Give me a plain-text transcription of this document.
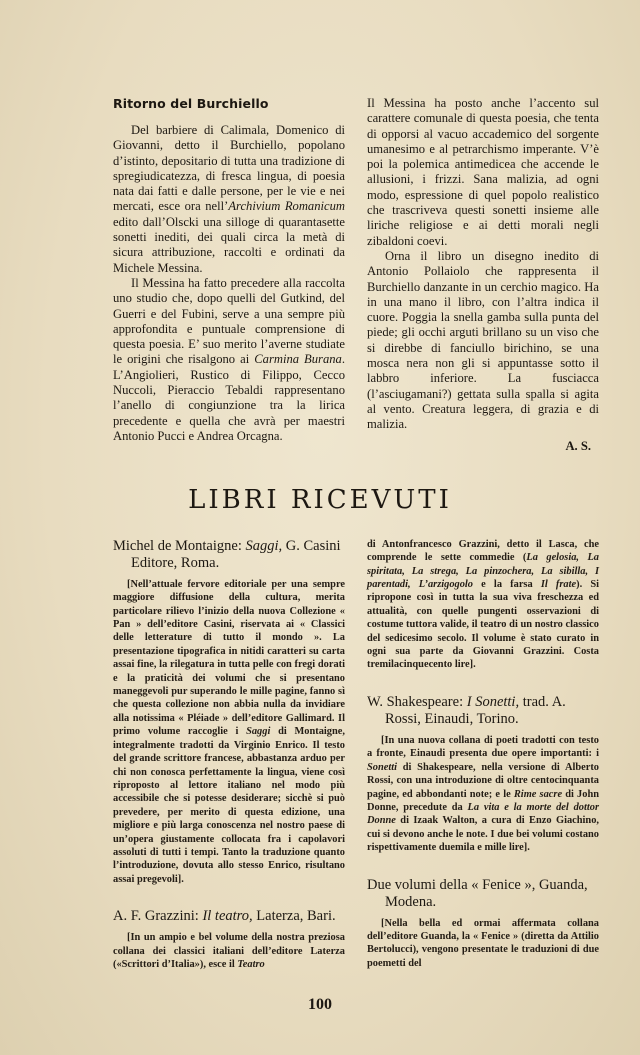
Ritorno del Burchiello

Del barbiere di Calimala, Domenico di Giovanni, detto il Burchiello, popolano d’istinto, depositario di tutta una tradizione di spregiudicatezza, di fresca lingua, di poesia nata dai fatti e dalle persone, per le vie e nei mercati, esce ora nell’Archivium Romanicum edito dall’Olscki una silloge di quarantasette sonetti inediti, dei quali circa la metà di sicura attribuzione, raccolti e ordinati da Michele Messina.

Il Messina ha fatto precedere alla raccolta uno studio che, dopo quelli del Gutkind, del Guerri e del Fubini, serve a una sempre più approfondita e puntuale comprensione di questa poesia. E’ suo merito l’averne studiate le origini che risalgono ai Carmina Burana. L’Angiolieri, Rustico di Filippo, Cecco Nuccoli, Pieraccio Tebaldi rappresentano l’anello di congiunzione tra la lirica precedente e quella che avrà per maestri Antonio Pucci e Andrea Orcagna.

Il Messina ha posto anche l’accento sul carattere comunale di questa poesia, che tenta di opporsi al vacuo accademico del sorgente umanesimo e al petrarchismo imperante. V’è poi la polemica antimedicea che accende le allusioni, i frizzi. Sana malizia, ad ogni modo, espressione di quel popolo realistico che trascriveva questi sonetti insieme alle liriche religiose e ai detti morali negli zibaldoni coevi.

Orna il libro un disegno inedito di Antonio Pollaiolo che rappresenta il Burchiello danzante in un cerchio magico. Ha in una mano il libro, con l’altra indica il cuore. Poggia la snella gamba sulla punta del piede; gli occhi arguti brillano su un viso che si direbbe di fanciullo birichino, se una mosca nera non gli si appuntasse sotto il labbro inferiore. La fusciacca (l’asciugamani?) gettata sulla spalla si agita al vento. Creatura leggera, di grazia e di malizia.

A. S.
LIBRI RICEVUTI

Michel de Montaigne: Saggi, G. Casini Editore, Roma.

[Nell’attuale fervore editoriale per una sempre maggiore diffusione della cultura, merita particolare rilievo l’inizio della nuova Collezione « Pan » dell’editore Casini, riservata ai « Classici delle letterature di tutto il mondo ». La presentazione tipografica in nitidi caratteri su carta assai fine, la rilegatura in tutta pelle con fregi dorati e la praticità dei volumi che si presentano maneggevoli pur superando le mille pagine, fanno sì che questa collezione non abbia nulla da invidiare alla notissima « Pléiade » dell’editore Gallimard. Il primo volume raccoglie i Saggi di Montaigne, integralmente tradotti da Virginio Enrico. Il testo del grande scrittore francese, abbastanza arduo per chi non conosca perfettamente la lingua, viene così riproposto al lettore italiano nel modo più accessibile che si potesse desiderare; sicchè si può prevedere, per merito di questa edizione, una migliore e più larga conoscenza nel nostro paese di un’opera giustamente collocata fra i capolavori assoluti di tutti i tempi. Tanto la traduzione quanto l’introduzione, dovuta allo stesso Enrico, risultano assai pregevoli].

A. F. Grazzini: Il teatro, Laterza, Bari.

[In un ampio e bel volume della nostra preziosa collana dei classici italiani dell’editore Laterza («Scrittori d’Italia»), esce il Teatro

di Antonfrancesco Grazzini, detto il Lasca, che comprende le sette commedie (La gelosia, La spiritata, La strega, La pinzochera, La sibilla, I parentadi, L’arzigogolo e la farsa Il frate). Si ripropone così in tutta la sua viva freschezza ed attualità, con quelle pungenti osservazioni di costume tuttora valide, il teatro di un nostro classico del sedicesimo secolo. Il volume è stato curato in ogni sua parte da Giovanni Grazzini. Costa tremilacinquecento lire].

W. Shakespeare: I Sonetti, trad. A. Rossi, Einaudi, Torino.

[In una nuova collana di poeti tradotti con testo a fronte, Einaudi presenta due opere importanti: i Sonetti di Shakespeare, nella versione di Alberto Rossi, con una introduzione di oltre centocinquanta pagine, ed abbondanti note; e le Rime sacre di John Donne, precedute da La vita e la morte del dottor Donne di Izaak Walton, a cura di Enzo Giachino, cui si devono anche le note. I due bei volumi costano rispettivamente duemila e mille lire].

Due volumi della « Fenice », Guanda, Modena.

[Nella bella ed ormai affermata collana dell’editore Guanda, la « Fenice » (diretta da Attilio Bertolucci), vengono presentate le traduzioni di due poemetti del

100
